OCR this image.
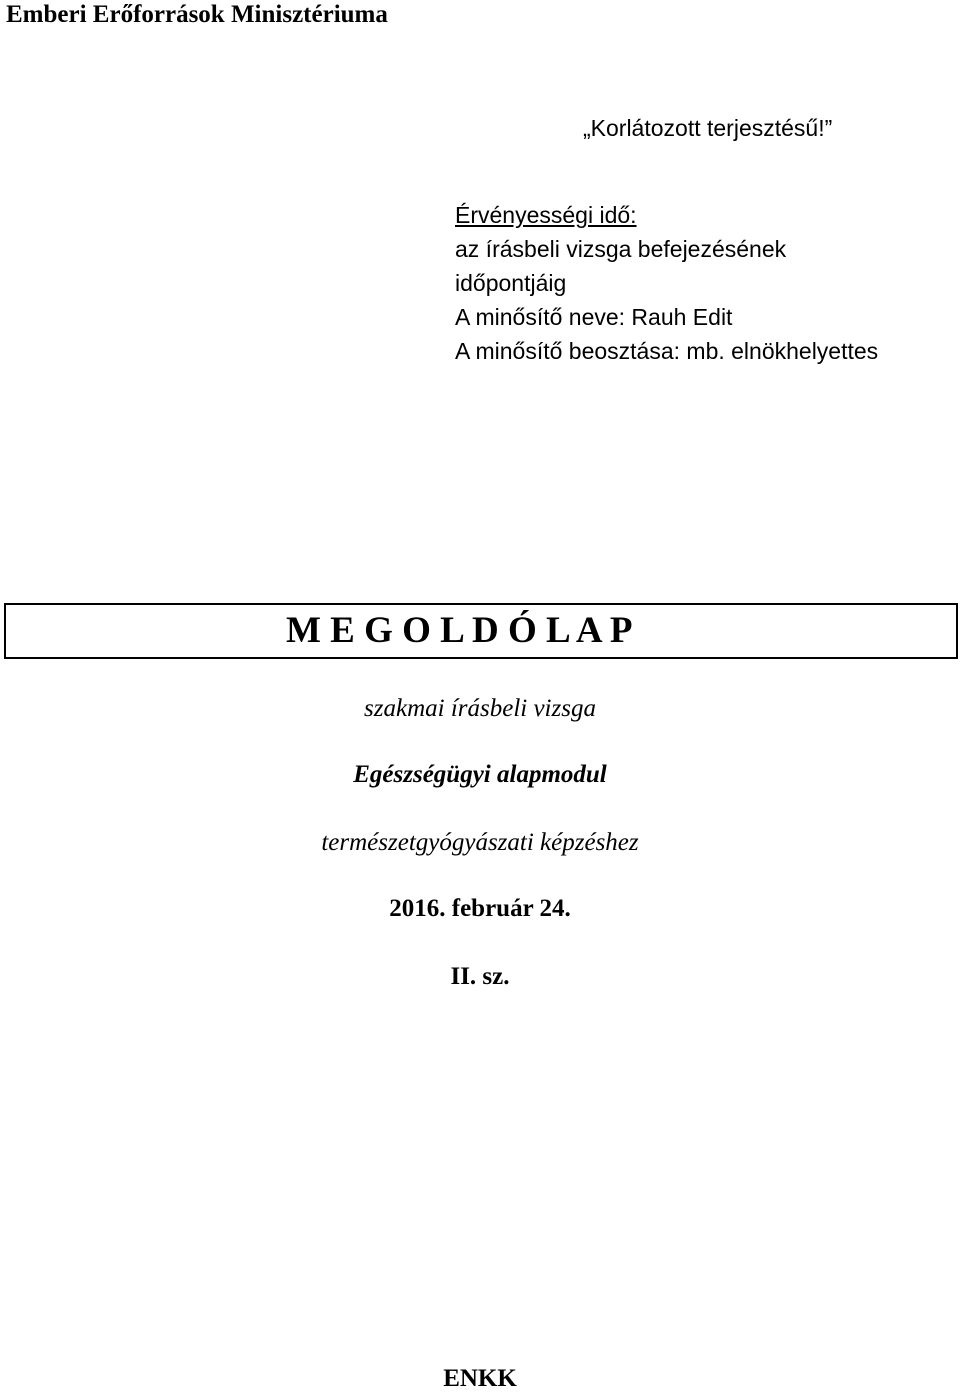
Emberi Erőforrások Minisztériuma
„Korlátozott terjesztésű!”
Érvényességi idő:
az írásbeli vizsga befejezésének
időpontjáig
A minősítő neve: Rauh Edit
A minősítő beosztása: mb. elnökhelyettes
M E G O L D Ó L A P
szakmai írásbeli vizsga
Egészségügyi alapmodul
természetgyógyászati képzéshez
2016. február 24.
II. sz.
ENKK
